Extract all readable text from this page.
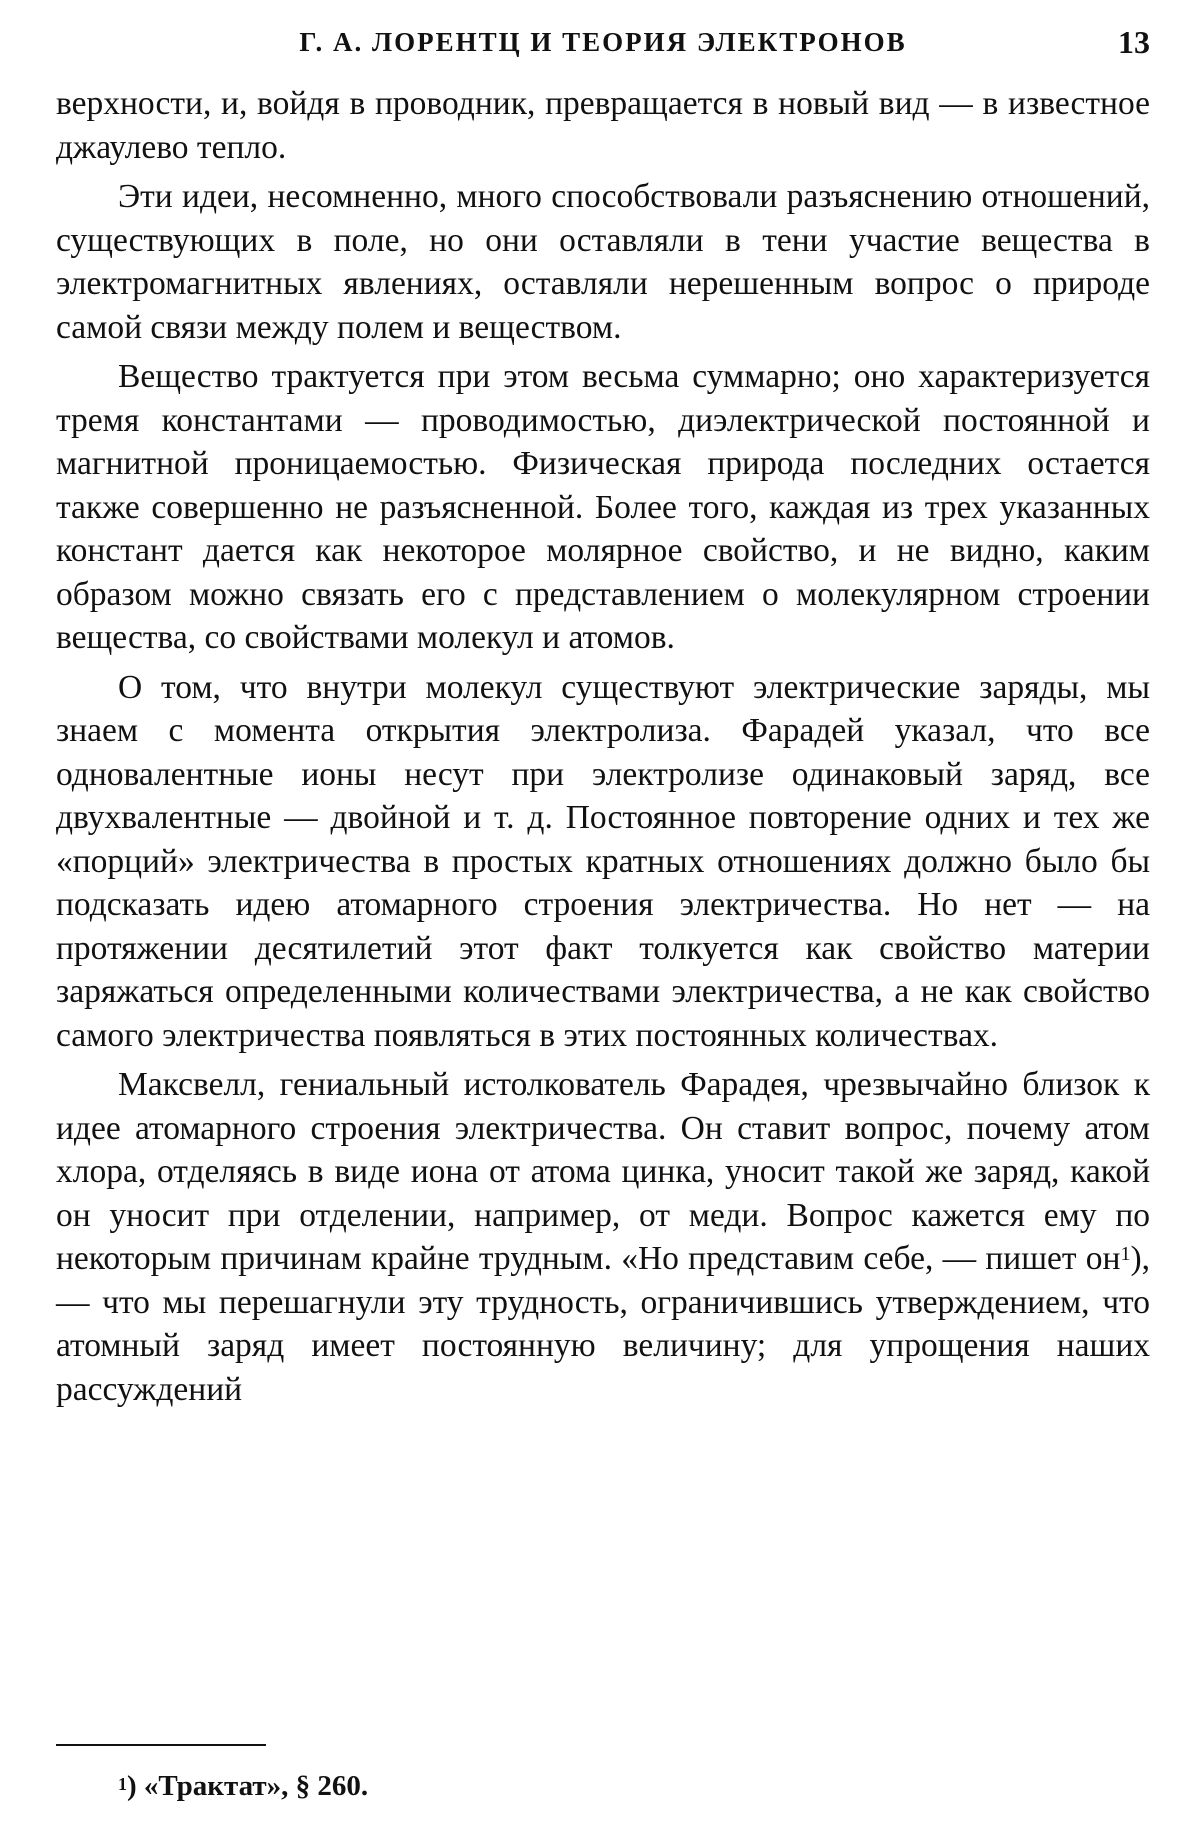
Г. А. ЛОРЕНТЦ И ТЕОРИЯ ЭЛЕКТРОНОВ	13

верхности, и, войдя в проводник, превращается в новый вид — в известное джаулево тепло.

Эти идеи, несомненно, много способствовали разъяснению отношений, существующих в поле, но они оставляли в тени участие вещества в электромагнитных явлениях, оставляли нерешенным вопрос о природе самой связи между полем и веществом.

Вещество трактуется при этом весьма суммарно; оно характеризуется тремя константами — проводимостью, диэлектрической постоянной и магнитной проницаемостью. Физическая природа последних остается также совершенно не разъясненной. Более того, каждая из трех указанных констант дается как некоторое молярное свойство, и не видно, каким образом можно связать его с представлением о молекулярном строении вещества, со свойствами молекул и атомов.

О том, что внутри молекул существуют электрические заряды, мы знаем с момента открытия электролиза. Фарадей указал, что все одновалентные ионы несут при электролизе одинаковый заряд, все двухвалентные — двойной и т. д. Постоянное повторение одних и тех же «порций» электричества в простых кратных отношениях должно было бы подсказать идею атомарного строения электричества. Но нет — на протяжении десятилетий этот факт толкуется как свойство материи заряжаться определенными количествами электричества, а не как свойство самого электричества появляться в этих постоянных количествах.

Максвелл, гениальный истолкователь Фарадея, чрезвычайно близок к идее атомарного строения электричества. Он ставит вопрос, почему атом хлора, отделяясь в виде иона от атома цинка, уносит такой же заряд, какой он уносит при отделении, например, от меди. Вопрос кажется ему по некоторым причинам крайне трудным. «Но представим себе, — пишет $он^1$), — что мы перешагнули эту трудность, ограничившись утверждением, что атомный заряд имеет постоянную величину; для упрощения наших рассуждений

$^1$) «Трактат», § 260.
